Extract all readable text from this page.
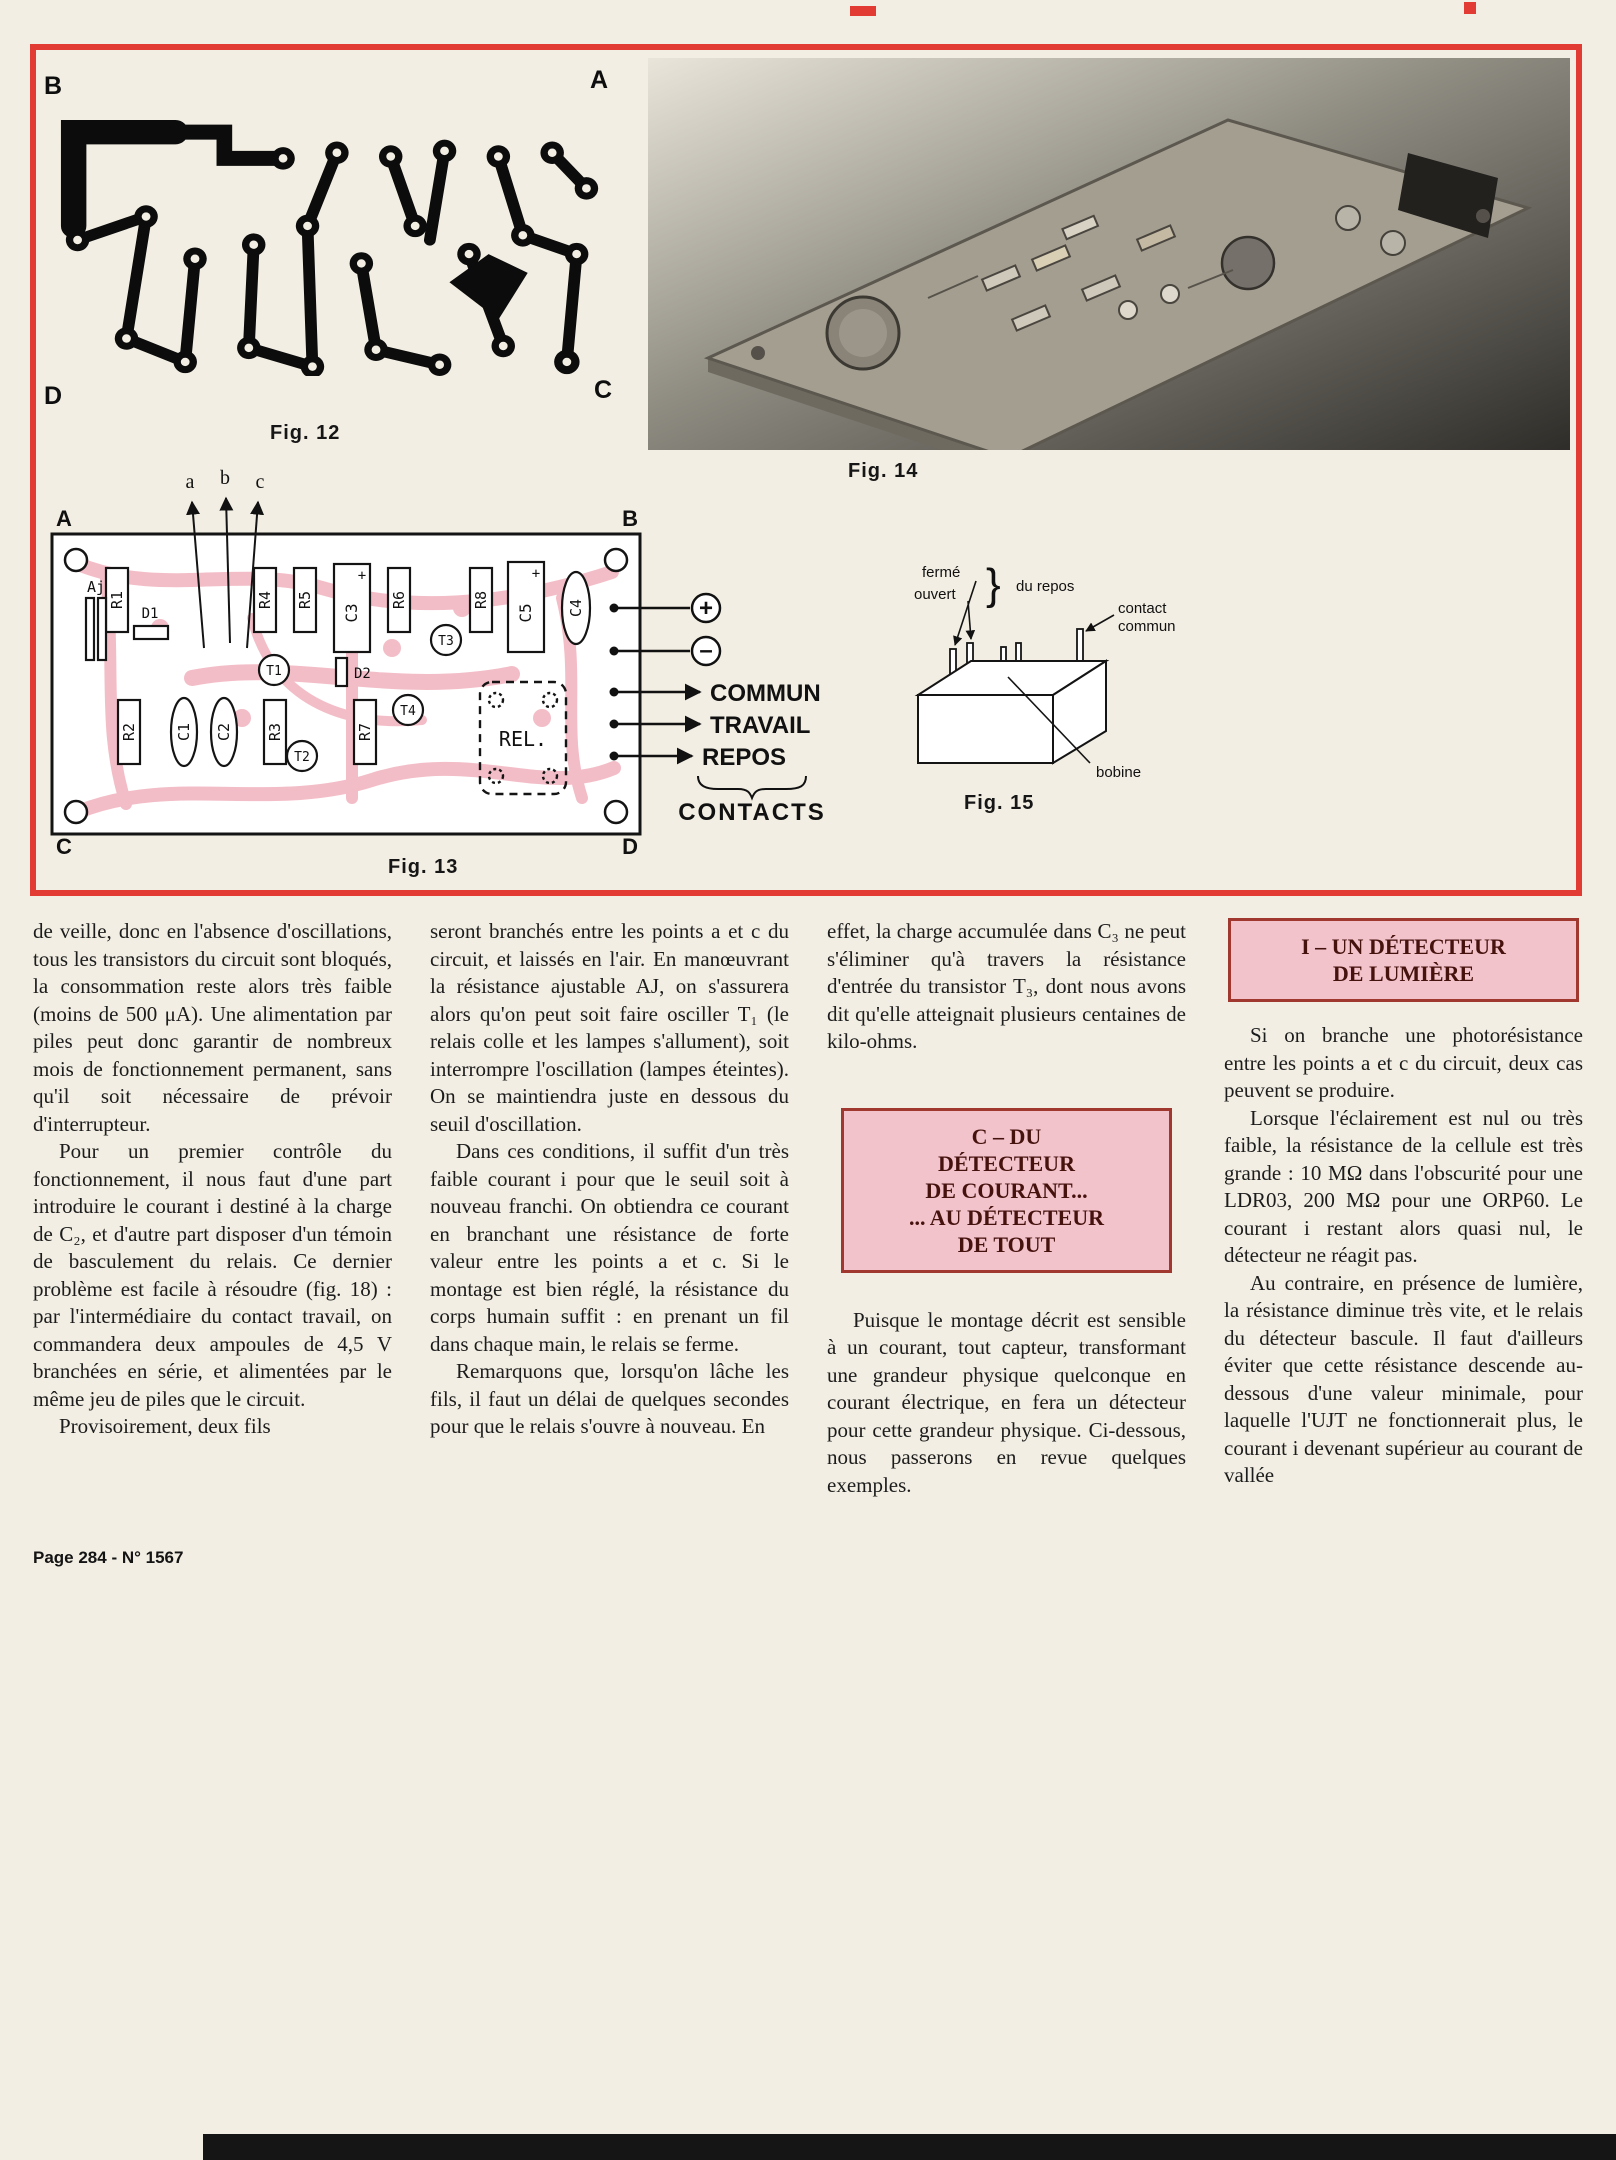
B	A
D	C
Fig. 12
Fig. 14
A	B
C	D
a b c
R1	R4 R5
C3
R6	R8
C5 C4
+	+
Aj
D1
T1	D2
T3
T4
R2 C1 C2 R3
T2
R7	REL.
+
–
COMMUN
TRAVAIL
REPOS
CONTACTS
Fig. 13
fermé
ouvert } du repos
contact
commun
bobine
Fig. 15

de veille, donc en l'absence d'oscillations, tous les transistors du circuit sont bloqués, la consommation reste alors très faible (moins de 500 μA). Une alimentation par piles peut donc garantir de nombreux mois de fonctionnement permanent, sans qu'il soit nécessaire de prévoir d'interrupteur.

Pour un premier contrôle du fonctionnement, il nous faut d'une part introduire le courant i destiné à la charge de C₂, et d'autre part disposer d'un témoin de basculement du relais. Ce dernier problème est facile à résoudre (fig. 18) : par l'intermédiaire du contact travail, on commandera deux ampoules de 4,5 V branchées en série, et alimentées par le même jeu de piles que le circuit.

Provisoirement, deux fils

seront branchés entre les points a et c du circuit, et laissés en l'air. En manœuvrant la résistance ajustable AJ, on s'assurera alors qu'on peut soit faire osciller T₁ (le relais colle et les lampes s'allument), soit interrompre l'oscillation (lampes éteintes). On se maintiendra juste en dessous du seuil d'oscillation.

Dans ces conditions, il suffit d'un très faible courant i pour que le seuil soit à nouveau franchi. On obtiendra ce courant en branchant une résistance de forte valeur entre les points a et c. Si le montage est bien réglé, la résistance du corps humain suffit : en prenant un fil dans chaque main, le relais se ferme.

Remarquons que, lorsqu'on lâche les fils, il faut un délai de quelques secondes pour que le relais s'ouvre à nouveau. En

effet, la charge accumulée dans C₃ ne peut s'éliminer qu'à travers la résistance d'entrée du transistor T₃, dont nous avons dit qu'elle atteignait plusieurs centaines de kilo-ohms.

C – DU
DÉTECTEUR
DE COURANT...
... AU DÉTECTEUR
DE TOUT

Puisque le montage décrit est sensible à un courant, tout capteur, transformant une grandeur physique quelconque en courant électrique, en fera un détecteur pour cette grandeur physique. Ci-dessous, nous passerons en revue quelques exemples.

I – UN DÉTECTEUR
DE LUMIÈRE

Si on branche une photorésistance entre les points a et c du circuit, deux cas peuvent se produire.

Lorsque l'éclairement est nul ou très faible, la résistance de la cellule est très grande : 10 MΩ dans l'obscurité pour une LDR03, 200 MΩ pour une ORP60. Le courant i restant alors quasi nul, le détecteur ne réagit pas.

Au contraire, en présence de lumière, la résistance diminue très vite, et le relais du détecteur bascule. Il faut d'ailleurs éviter que cette résistance descende au-dessous d'une valeur minimale, pour laquelle l'UJT ne fonctionnerait plus, le courant i devenant supérieur au courant de vallée

Page 284 - N° 1567
